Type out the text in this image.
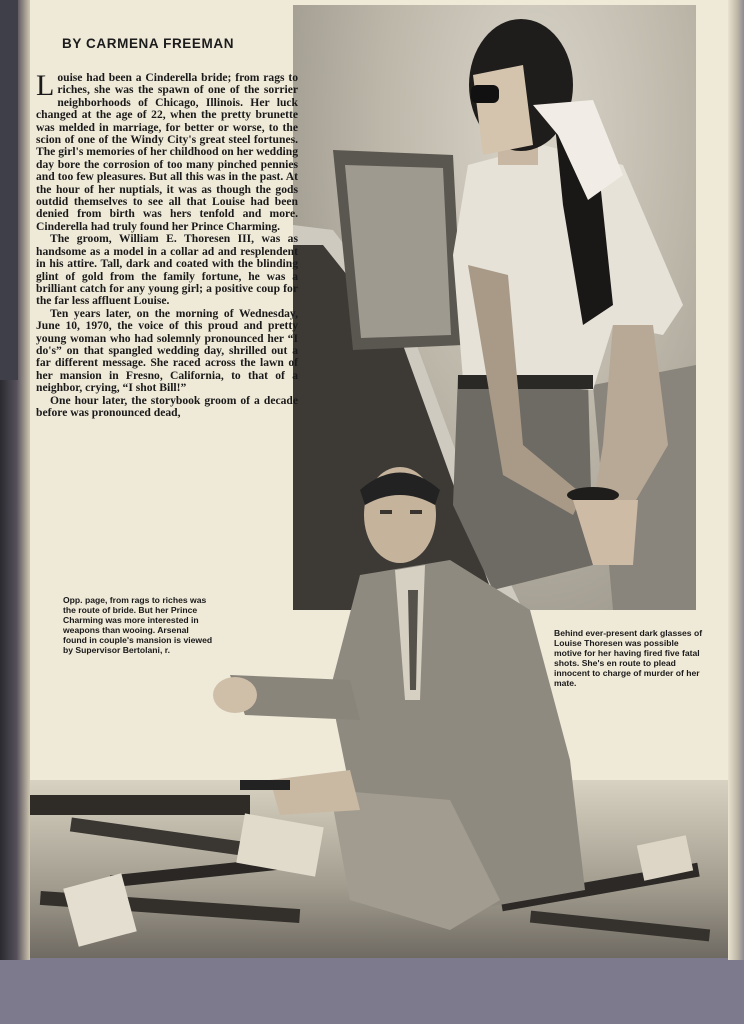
BY CARMENA FREEMAN

Louise had been a Cinderella bride; from rags to riches, she was the spawn of one of the sorrier neighborhoods of Chicago, Illinois. Her luck changed at the age of 22, when the pretty brunette was melded in marriage, for better or worse, to the scion of one of the Windy City's great steel fortunes. The girl's memories of her childhood on her wedding day bore the corrosion of too many pinched pennies and too few pleasures. But all this was in the past. At the hour of her nuptials, it was as though the gods outdid themselves to see all that Louise had been denied from birth was hers tenfold and more. Cinderella had truly found her Prince Charming.

The groom, William E. Thoresen III, was as handsome as a model in a collar ad and resplendent in his attire. Tall, dark and coated with the blinding glint of gold from the family fortune, he was a brilliant catch for any young girl; a positive coup for the far less affluent Louise.

Ten years later, on the morning of Wednesday, June 10, 1970, the voice of this proud and pretty young woman who had solemnly pronounced her “I do's” on that spangled wedding day, shrilled out a far different message. She raced across the lawn of her mansion in Fresno, California, to that of a neighbor, crying, “I shot Bill!”

One hour later, the storybook groom of a decade before was pronounced dead,

Opp. page, from rags to riches was the route of bride. But her Prince Charming was more interested in weapons than wooing. Arsenal found in couple's mansion is viewed by Supervisor Bertolani, r.
Behind ever-present dark glasses of Louise Thoresen was possible motive for her having fired five fatal shots. She's en route to plead innocent to charge of murder of her mate.
